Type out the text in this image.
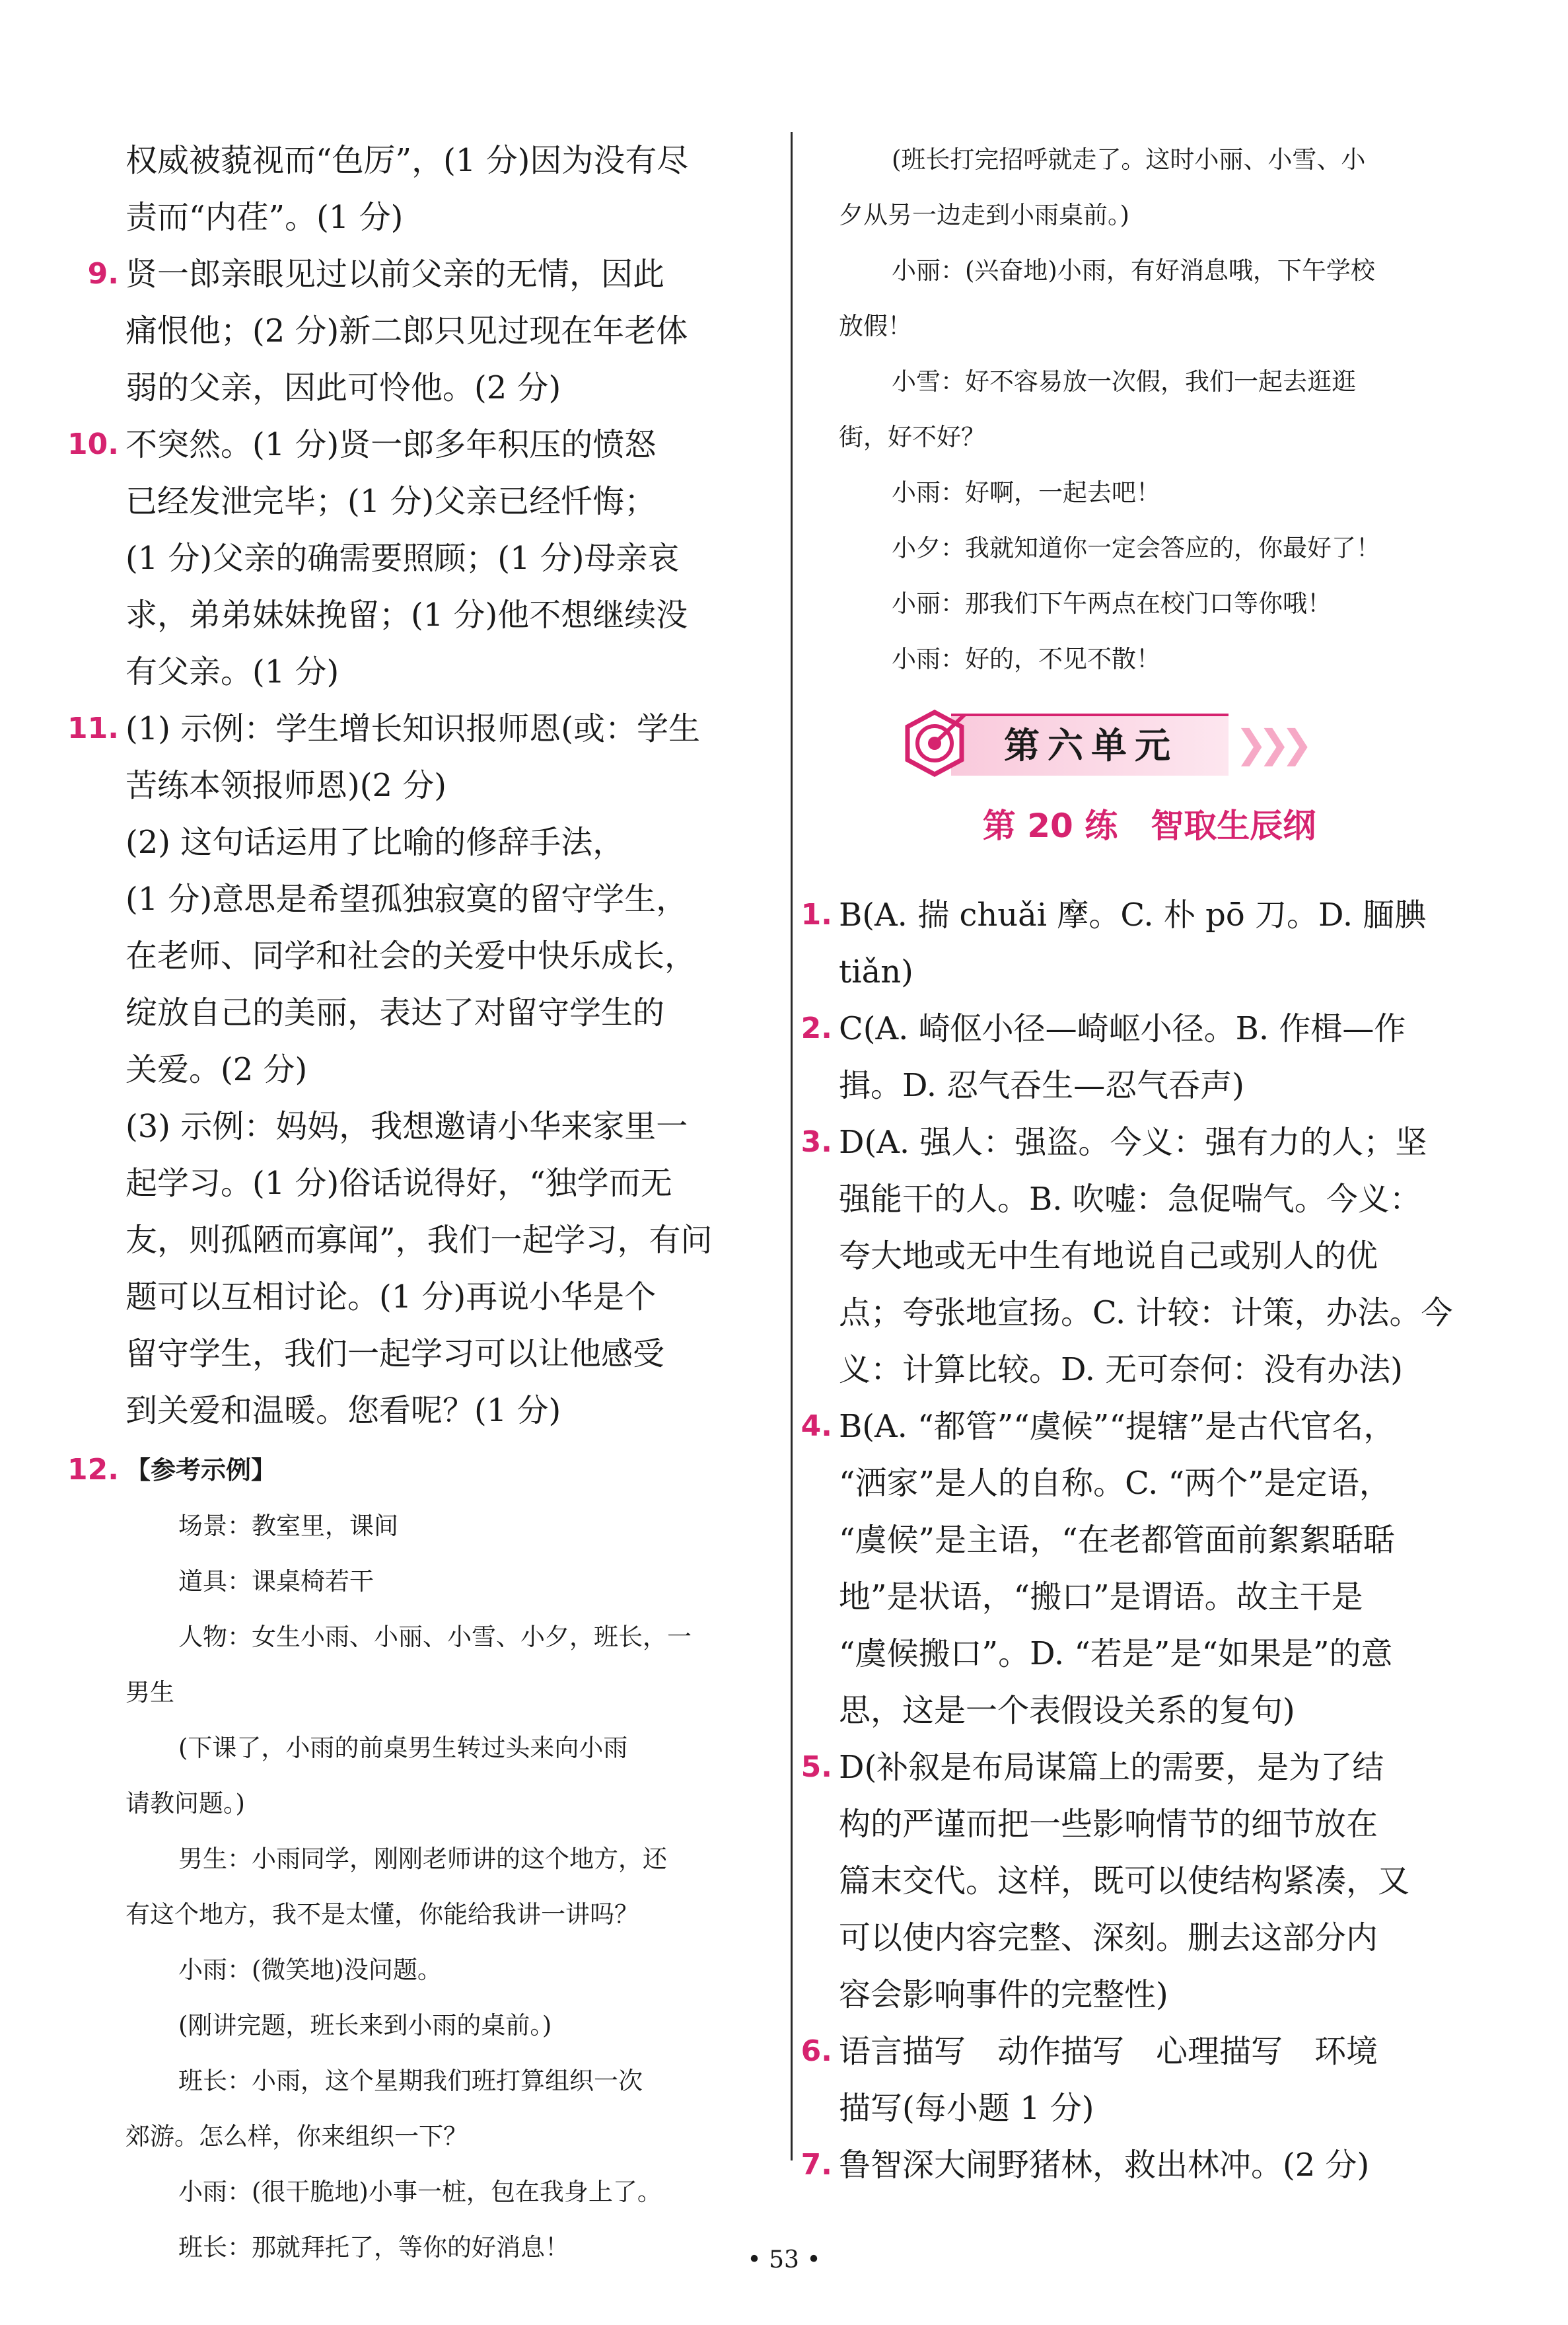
权威被藐视而“色厉”，(1 分)因为没有尽

责而“内荏”。(1 分)

9. 贤一郎亲眼见过以前父亲的无情，因此

痛恨他；(2 分)新二郎只见过现在年老体

弱的父亲，因此可怜他。(2 分)

10. 不突然。(1 分)贤一郎多年积压的愤怒

已经发泄完毕；(1 分)父亲已经忏悔；

(1 分)父亲的确需要照顾；(1 分)母亲哀

求，弟弟妹妹挽留；(1 分)他不想继续没

有父亲。(1 分)

11. (1) 示例：学生增长知识报师恩(或：学生

苦练本领报师恩)(2 分)

(2) 这句话运用了比喻的修辞手法，

(1 分)意思是希望孤独寂寞的留守学生，

在老师、同学和社会的关爱中快乐成长，

绽放自己的美丽，表达了对留守学生的

关爱。(2 分)

(3) 示例：妈妈，我想邀请小华来家里一

起学习。(1 分)俗话说得好，“独学而无

友，则孤陋而寡闻”，我们一起学习，有问

题可以互相讨论。(1 分)再说小华是个

留守学生，我们一起学习可以让他感受

到关爱和温暖。您看呢？(1 分)

12. 【参考示例】

场景：教室里，课间

道具：课桌椅若干

人物：女生小雨、小丽、小雪、小夕，班长，一

男生

(下课了，小雨的前桌男生转过头来向小雨

请教问题。)

男生：小雨同学，刚刚老师讲的这个地方，还

有这个地方，我不是太懂，你能给我讲一讲吗？

小雨：(微笑地)没问题。

(刚讲完题，班长来到小雨的桌前。)

班长：小雨，这个星期我们班打算组织一次

郊游。怎么样，你来组织一下？

小雨：(很干脆地)小事一桩，包在我身上了。

班长：那就拜托了，等你的好消息！

(班长打完招呼就走了。这时小丽、小雪、小

夕从另一边走到小雨桌前。)

小丽：(兴奋地)小雨，有好消息哦，下午学校

放假！

小雪：好不容易放一次假，我们一起去逛逛

街，好不好？

小雨：好啊，一起去吧！

小夕：我就知道你一定会答应的，你最好了！

小丽：那我们下午两点在校门口等你哦！

小雨：好的，不见不散！

第六单元 ❯❯❯
第 20 练　智取生辰纲
1. B(A. 揣 chuǎi 摩。C. 朴 pō 刀。D. 腼腆

tiǎn)

2. C(A. 崎伛小径—崎岖小径。B. 作楫—作

揖。D. 忍气吞生—忍气吞声)

3. D(A. 强人：强盗。今义：强有力的人；坚

强能干的人。B. 吹嘘：急促喘气。今义：

夸大地或无中生有地说自己或别人的优

点；夸张地宣扬。C. 计较：计策，办法。今

义：计算比较。D. 无可奈何：没有办法)

4. B(A. “都管”“虞候”“提辖”是古代官名，

“洒家”是人的自称。C. “两个”是定语，

“虞候”是主语，“在老都管面前絮絮聒聒

地”是状语，“搬口”是谓语。故主干是

“虞候搬口”。D. “若是”是“如果是”的意

思，这是一个表假设关系的复句)

5. D(补叙是布局谋篇上的需要，是为了结

构的严谨而把一些影响情节的细节放在

篇末交代。这样，既可以使结构紧凑，又

可以使内容完整、深刻。删去这部分内

容会影响事件的完整性)

6. 语言描写　动作描写　心理描写　环境

描写(每小题 1 分)

7. 鲁智深大闹野猪林，救出林冲。(2 分)

• 53 •
